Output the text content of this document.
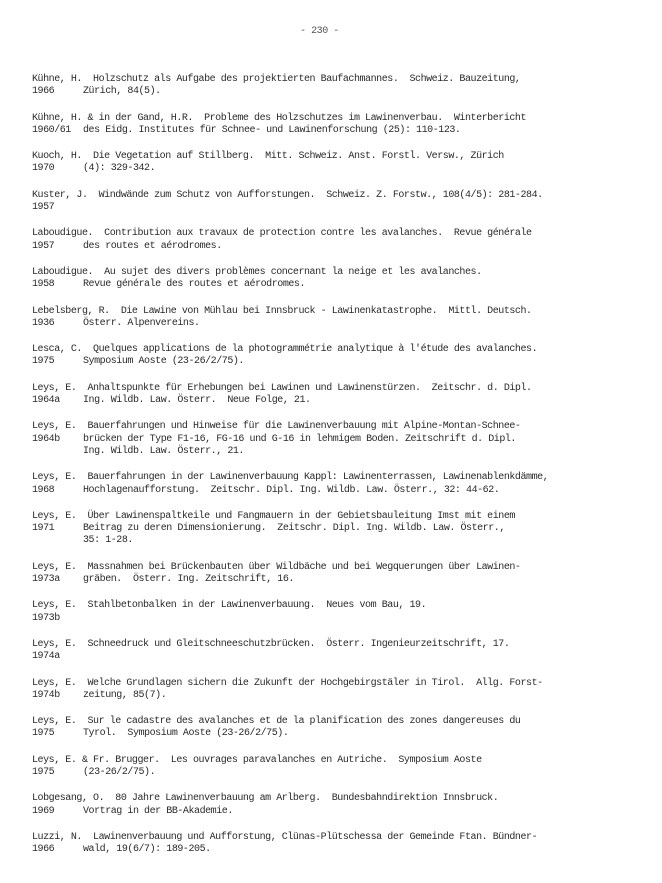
- 230 -
Kühne, H.  Holzschutz als Aufgabe des projektierten Baufachmannes.  Schweiz. Bauzeitung,
1966	Zürich, 84(5).
Kühne, H. & in der Gand, H.R.  Probleme des Holzschutzes im Lawinenverbau.  Winterbericht
1960/61 des Eidg. Institutes für Schnee- und Lawinenforschung (25): 110-123.
Kuoch, H.  Die Vegetation auf Stillberg.  Mitt. Schweiz. Anst. Forstl. Versw., Zürich
1970	(4): 329-342.
Kuster, J.  Windwände zum Schutz von Aufforstungen.  Schweiz. Z. Forstw., 108(4/5): 281-284.
1957
Laboudigue.  Contribution aux travaux de protection contre les avalanches.  Revue générale
1957	des routes et aérodromes.
Laboudigue.  Au sujet des divers problèmes concernant la neige et les avalanches.
1958	Revue générale des routes et aérodromes.
Lebelsberg, R.  Die Lawine von Mühlau bei Innsbruck - Lawinenkatastrophe.  Mittl. Deutsch.
1936	Österr. Alpenvereins.
Lesca, C.  Quelques applications de la photogrammétrie analytique à l'étude des avalanches.
1975	Symposium Aoste (23-26/2/75).
Leys, E.  Anhaltspunkte für Erhebungen bei Lawinen und Lawinenstürzen.  Zeitschr. d. Dipl.
1964a Ing. Wildb. Law. Österr.  Neue Folge, 21.
Leys, E.  Bauerfahrungen und Hinweise für die Lawinenverbauung mit Alpine-Montan-Schnee-
1964b brücken der Type F1-16, FG-16 und G-16 in lehmigem Boden. Zeitschrift d. Dipl.
Ing. Wildb. Law. Österr., 21.
Leys, E.  Bauerfahrungen in der Lawinenverbauung Kappl: Lawinenterrassen, Lawinenablenkdämme,
1968	Hochlagenaufforstung.  Zeitschr. Dipl. Ing. Wildb. Law. Österr., 32: 44-62.
Leys, E.  Über Lawinenspaltkeile und Fangmauern in der Gebietsbauleitung Imst mit einem
1971	Beitrag zu deren Dimensionierung.  Zeitschr. Dipl. Ing. Wildb. Law. Österr.,
35: 1-28.
Leys, E.  Massnahmen bei Brückenbauten über Wildbäche und bei Wegquerungen über Lawinen-
1973a gräben.  Österr. Ing. Zeitschrift, 16.
Leys, E.  Stahlbetonbalken in der Lawinenverbauung.  Neues vom Bau, 19.
1973b
Leys, E.  Schneedruck und Gleitschneeschutzbrücken.  Österr. Ingenieurzeitschrift, 17.
1974a
Leys, E.  Welche Grundlagen sichern die Zukunft der Hochgebirgstäler in Tirol.  Allg. Forst-
1974b zeitung, 85(7).
Leys, E.  Sur le cadastre des avalanches et de la planification des zones dangereuses du
1975	Tyrol.  Symposium Aoste (23-26/2/75).
Leys, E. & Fr. Brugger.  Les ouvrages paravalanches en Autriche.  Symposium Aoste
1975	(23-26/2/75).
Lobgesang, O.  80 Jahre Lawinenverbauung am Arlberg.  Bundesbahndirektion Innsbruck.
1969	Vortrag in der BB-Akademie.
Luzzi, N.  Lawinenverbauung und Aufforstung, Clünas-Plütschessa der Gemeinde Ftan. Bündner-
1966	wald, 19(6/7): 189-205.
